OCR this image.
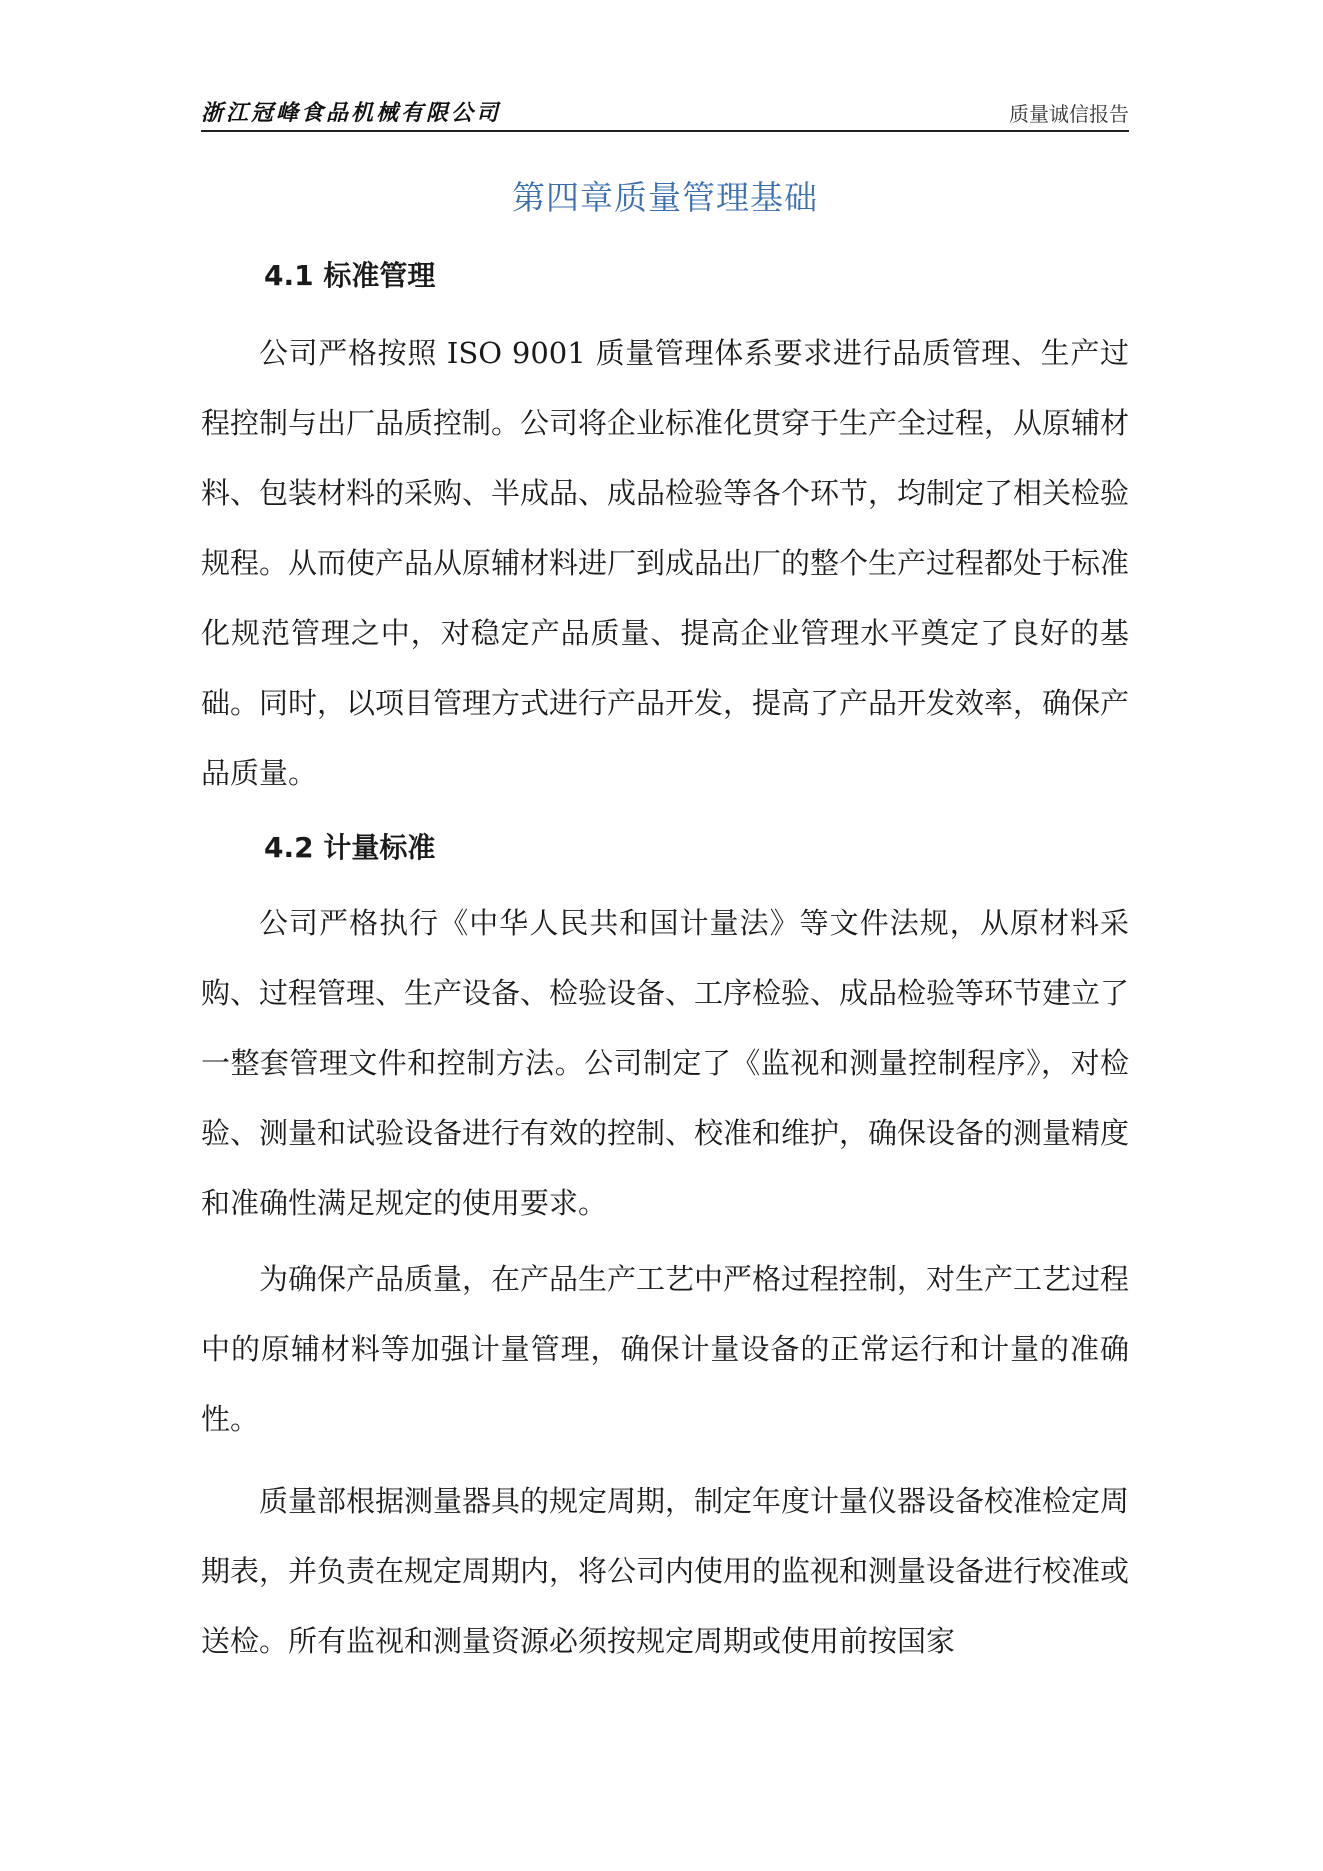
浙江冠峰食品机械有限公司	质量诚信报告
第四章质量管理基础
4.1 标准管理

公司严格按照 ISO 9001 质量管理体系要求进行品质管理、生产过程控制与出厂品质控制。公司将企业标准化贯穿于生产全过程，从原辅材料、包装材料的采购、半成品、成品检验等各个环节，均制定了相关检验规程。从而使产品从原辅材料进厂到成品出厂的整个生产过程都处于标准化规范管理之中，对稳定产品质量、提高企业管理水平奠定了良好的基础。同时，以项目管理方式进行产品开发，提高了产品开发效率，确保产品质量。

4.2 计量标准

公司严格执行《中华人民共和国计量法》等文件法规，从原材料采购、过程管理、生产设备、检验设备、工序检验、成品检验等环节建立了一整套管理文件和控制方法。公司制定了《监视和测量控制程序》，对检验、测量和试验设备进行有效的控制、校准和维护，确保设备的测量精度和准确性满足规定的使用要求。

为确保产品质量，在产品生产工艺中严格过程控制，对生产工艺过程中的原辅材料等加强计量管理，确保计量设备的正常运行和计量的准确性。

质量部根据测量器具的规定周期，制定年度计量仪器设备校准检定周期表，并负责在规定周期内，将公司内使用的监视和测量设备进行校准或送检。所有监视和测量资源必须按规定周期或使用前按国家
